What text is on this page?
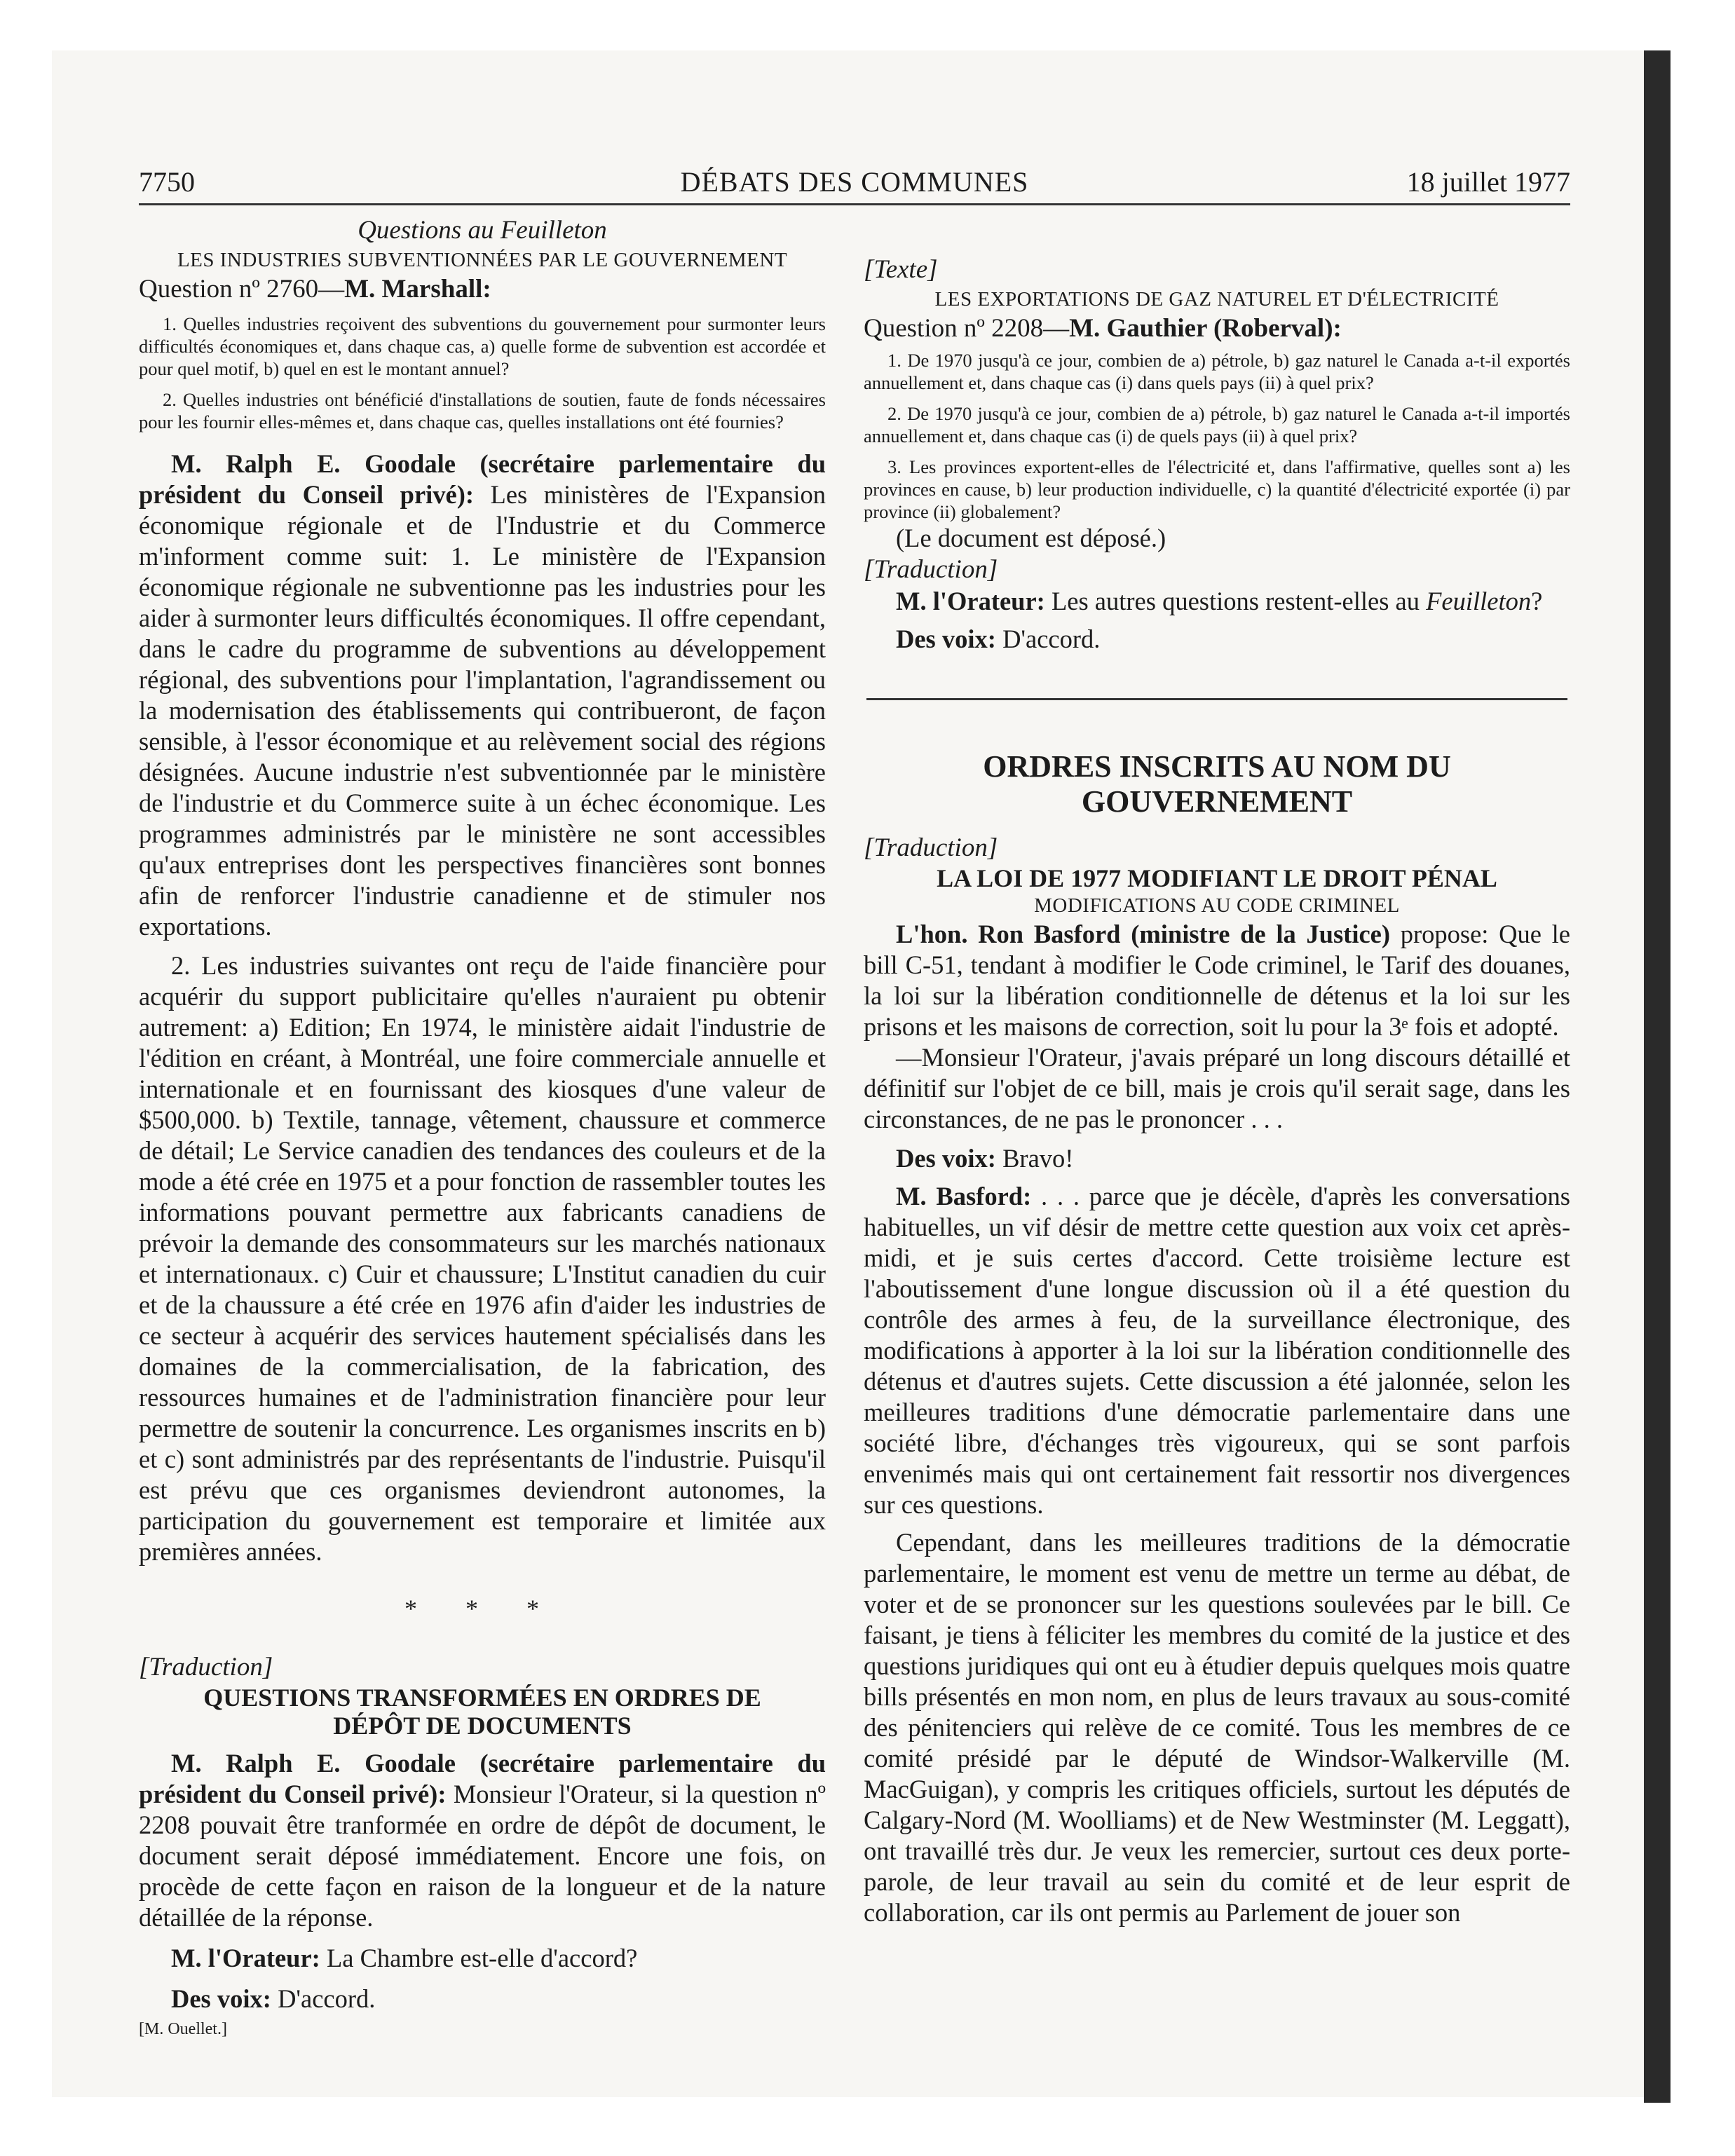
7750	DÉBATS DES COMMUNES	18 juillet 1977

Questions au Feuilleton

LES INDUSTRIES SUBVENTIONNÉES PAR LE GOUVERNEMENT

Question nº 2760—M. Marshall:

1. Quelles industries reçoivent des subventions du gouvernement pour surmonter leurs difficultés économiques et, dans chaque cas, a) quelle forme de subvention est accordée et pour quel motif, b) quel en est le montant annuel?

2. Quelles industries ont bénéficié d'installations de soutien, faute de fonds nécessaires pour les fournir elles-mêmes et, dans chaque cas, quelles installations ont été fournies?

M. Ralph E. Goodale (secrétaire parlementaire du président du Conseil privé): Les ministères de l'Expansion économique régionale et de l'Industrie et du Commerce m'informent comme suit: 1. Le ministère de l'Expansion économique régionale ne subventionne pas les industries pour les aider à surmonter leurs difficultés économiques. Il offre cependant, dans le cadre du programme de subventions au développement régional, des subventions pour l'implantation, l'agrandissement ou la modernisation des établissements qui contribueront, de façon sensible, à l'essor économique et au relèvement social des régions désignées. Aucune industrie n'est subventionnée par le ministère de l'industrie et du Commerce suite à un échec économique. Les programmes administrés par le ministère ne sont accessibles qu'aux entreprises dont les perspectives financières sont bonnes afin de renforcer l'industrie canadienne et de stimuler nos exportations.

2. Les industries suivantes ont reçu de l'aide financière pour acquérir du support publicitaire qu'elles n'auraient pu obtenir autrement: a) Edition; En 1974, le ministère aidait l'industrie de l'édition en créant, à Montréal, une foire commerciale annuelle et internationale et en fournissant des kiosques d'une valeur de $500,000. b) Textile, tannage, vêtement, chaussure et commerce de détail; Le Service canadien des tendances des couleurs et de la mode a été crée en 1975 et a pour fonction de rassembler toutes les informations pouvant permettre aux fabricants canadiens de prévoir la demande des consommateurs sur les marchés nationaux et internationaux. c) Cuir et chaussure; L'Institut canadien du cuir et de la chaussure a été crée en 1976 afin d'aider les industries de ce secteur à acquérir des services hautement spécialisés dans les domaines de la commercialisation, de la fabrication, des ressources humaines et de l'administration financière pour leur permettre de soutenir la concurrence. Les organismes inscrits en b) et c) sont administrés par des représentants de l'industrie. Puisqu'il est prévu que ces organismes deviendront autonomes, la participation du gouvernement est temporaire et limitée aux premières années.

* * *

[Traduction]

QUESTIONS TRANSFORMÉES EN ORDRES DE DÉPÔT DE DOCUMENTS

M. Ralph E. Goodale (secrétaire parlementaire du président du Conseil privé): Monsieur l'Orateur, si la question nº 2208 pouvait être tranformée en ordre de dépôt de document, le document serait déposé immédiatement. Encore une fois, on procède de cette façon en raison de la longueur et de la nature détaillée de la réponse.

M. l'Orateur: La Chambre est-elle d'accord?

Des voix: D'accord.

[M. Ouellet.]

[Texte]

LES EXPORTATIONS DE GAZ NATUREL ET D'ÉLECTRICITÉ

Question nº 2208—M. Gauthier (Roberval):

1. De 1970 jusqu'à ce jour, combien de a) pétrole, b) gaz naturel le Canada a-t-il exportés annuellement et, dans chaque cas (i) dans quels pays (ii) à quel prix?

2. De 1970 jusqu'à ce jour, combien de a) pétrole, b) gaz naturel le Canada a-t-il importés annuellement et, dans chaque cas (i) de quels pays (ii) à quel prix?

3. Les provinces exportent-elles de l'électricité et, dans l'affirmative, quelles sont a) les provinces en cause, b) leur production individuelle, c) la quantité d'électricité exportée (i) par province (ii) globalement?

(Le document est déposé.)

[Traduction]

M. l'Orateur: Les autres questions restent-elles au Feuilleton?

Des voix: D'accord.

ORDRES INSCRITS AU NOM DU GOUVERNEMENT

[Traduction]

LA LOI DE 1977 MODIFIANT LE DROIT PÉNAL

MODIFICATIONS AU CODE CRIMINEL

L'hon. Ron Basford (ministre de la Justice) propose: Que le bill C-51, tendant à modifier le Code criminel, le Tarif des douanes, la loi sur la libération conditionnelle de détenus et la loi sur les prisons et les maisons de correction, soit lu pour la 3ᵉ fois et adopté.

—Monsieur l'Orateur, j'avais préparé un long discours détaillé et définitif sur l'objet de ce bill, mais je crois qu'il serait sage, dans les circonstances, de ne pas le prononcer . . .

Des voix: Bravo!

M. Basford: . . . parce que je décèle, d'après les conversations habituelles, un vif désir de mettre cette question aux voix cet après-midi, et je suis certes d'accord. Cette troisième lecture est l'aboutissement d'une longue discussion où il a été question du contrôle des armes à feu, de la surveillance électronique, des modifications à apporter à la loi sur la libération conditionnelle des détenus et d'autres sujets. Cette discussion a été jalonnée, selon les meilleures traditions d'une démocratie parlementaire dans une société libre, d'échanges très vigoureux, qui se sont parfois envenimés mais qui ont certainement fait ressortir nos divergences sur ces questions.

Cependant, dans les meilleures traditions de la démocratie parlementaire, le moment est venu de mettre un terme au débat, de voter et de se prononcer sur les questions soulevées par le bill. Ce faisant, je tiens à féliciter les membres du comité de la justice et des questions juridiques qui ont eu à étudier depuis quelques mois quatre bills présentés en mon nom, en plus de leurs travaux au sous-comité des pénitenciers qui relève de ce comité. Tous les membres de ce comité présidé par le député de Windsor-Walkerville (M. MacGuigan), y compris les critiques officiels, surtout les députés de Calgary-Nord (M. Woolliams) et de New Westminster (M. Leggatt), ont travaillé très dur. Je veux les remercier, surtout ces deux porte-parole, de leur travail au sein du comité et de leur esprit de collaboration, car ils ont permis au Parlement de jouer son
